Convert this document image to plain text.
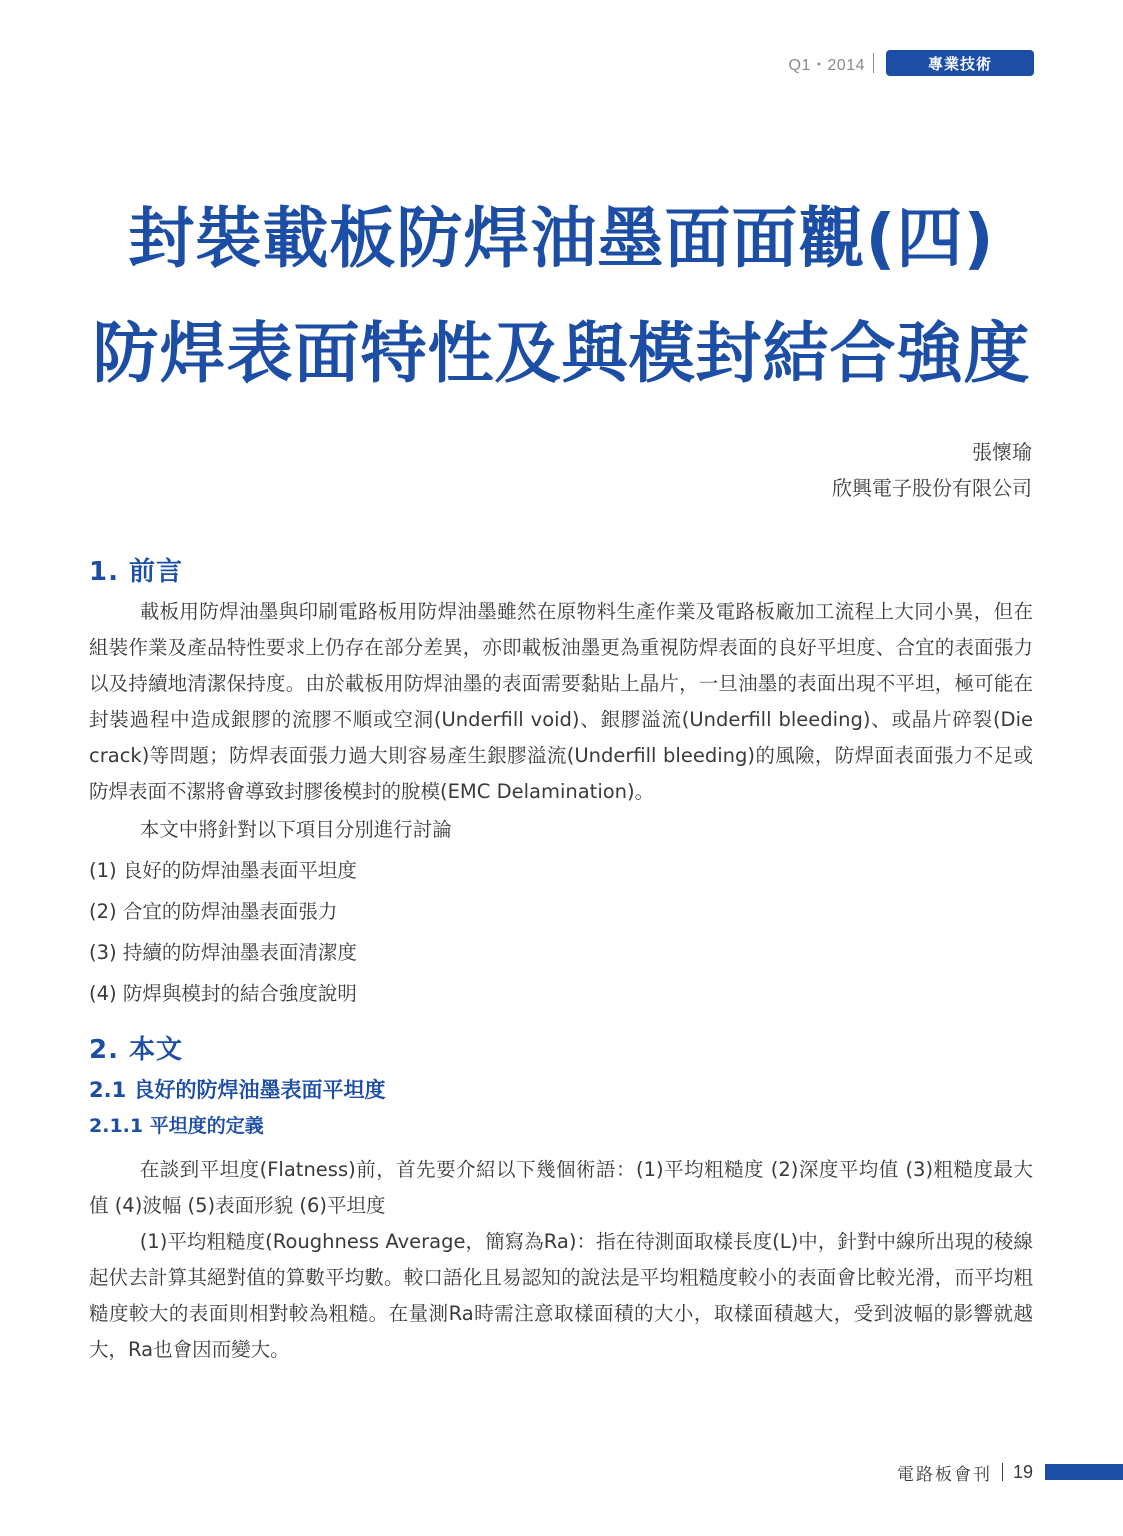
Q1・2014	專業技術
封裝載板防焊油墨面面觀(四)
防焊表面特性及與模封結合強度
張懷瑜
欣興電子股份有限公司
1. 前言

載板用防焊油墨與印刷電路板用防焊油墨雖然在原物料生產作業及電路板廠加工流程上大同小異，但在組裝作業及產品特性要求上仍存在部分差異，亦即載板油墨更為重視防焊表面的良好平坦度、合宜的表面張力以及持續地清潔保持度。由於載板用防焊油墨的表面需要黏貼上晶片，一旦油墨的表面出現不平坦，極可能在封裝過程中造成銀膠的流膠不順或空洞(Underfill void)、銀膠溢流(Underfill bleeding)、或晶片碎裂(Die crack)等問題；防焊表面張力過大則容易產生銀膠溢流(Underfill bleeding)的風險，防焊面表面張力不足或防焊表面不潔將會導致封膠後模封的脫模(EMC Delamination)。

本文中將針對以下項目分別進行討論

(1) 良好的防焊油墨表面平坦度

(2) 合宜的防焊油墨表面張力

(3) 持續的防焊油墨表面清潔度

(4) 防焊與模封的結合強度說明

2. 本文
2.1 良好的防焊油墨表面平坦度
2.1.1 平坦度的定義

在談到平坦度(Flatness)前，首先要介紹以下幾個術語：(1)平均粗糙度 (2)深度平均值 (3)粗糙度最大值 (4)波幅 (5)表面形貌 (6)平坦度

(1)平均粗糙度(Roughness Average，簡寫為Ra)：指在待測面取樣長度(L)中，針對中線所出現的稜線起伏去計算其絕對值的算數平均數。較口語化且易認知的說法是平均粗糙度較小的表面會比較光滑，而平均粗糙度較大的表面則相對較為粗糙。在量測Ra時需注意取樣面積的大小，取樣面積越大，受到波幅的影響就越大，Ra也會因而變大。

電路板會刊 19
